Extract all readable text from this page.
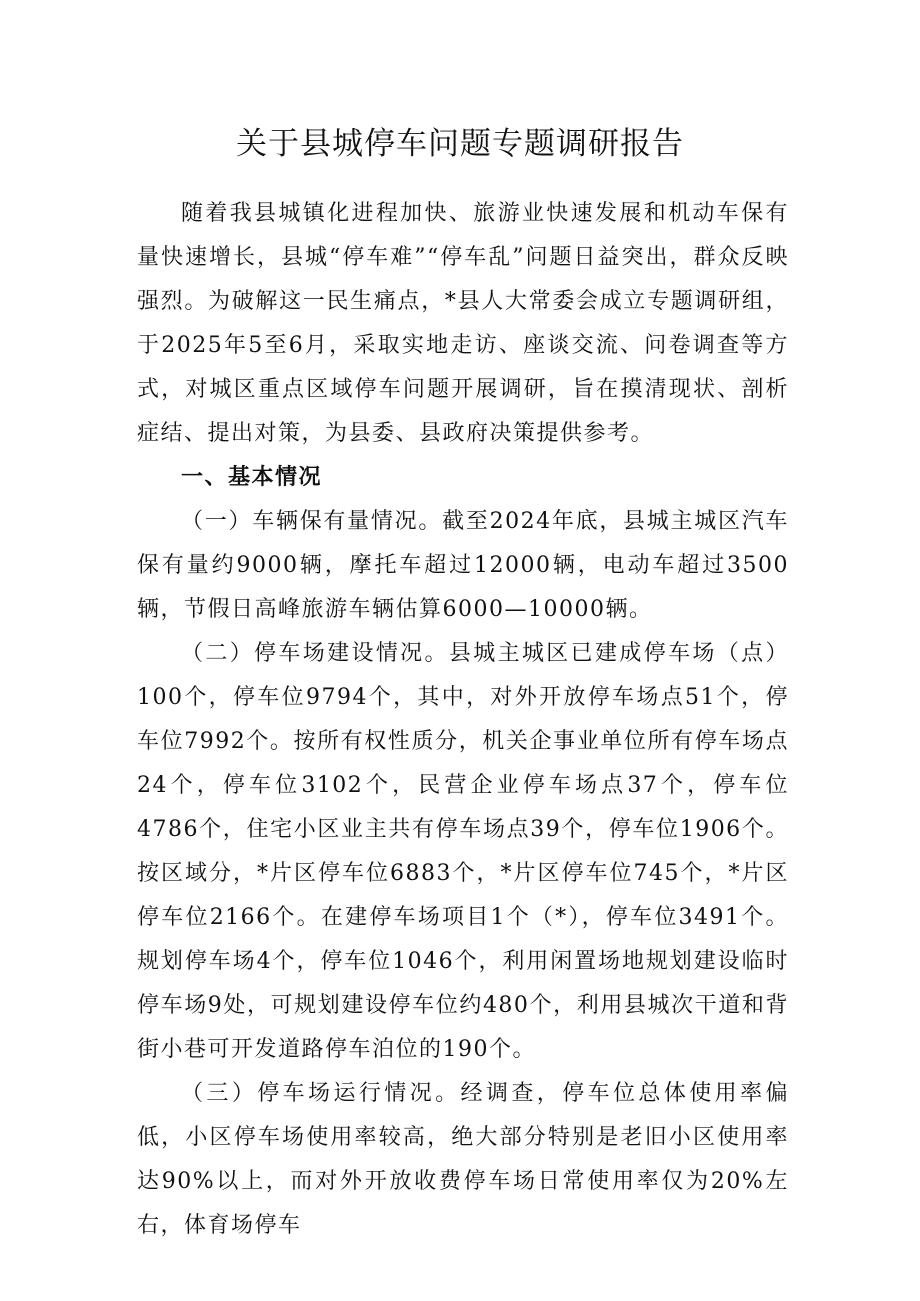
关于县城停车问题专题调研报告

随着我县城镇化进程加快、旅游业快速发展和机动车保有量快速增长，县城“停车难”“停车乱”问题日益突出，群众反映强烈。为破解这一民生痛点，*县人大常委会成立专题调研组，于2025年5至6月，采取实地走访、座谈交流、问卷调查等方式，对城区重点区域停车问题开展调研，旨在摸清现状、剖析症结、提出对策，为县委、县政府决策提供参考。

一、基本情况

（一）车辆保有量情况。截至2024年底，县城主城区汽车保有量约9000辆，摩托车超过12000辆，电动车超过3500辆，节假日高峰旅游车辆估算6000—10000辆。

（二）停车场建设情况。县城主城区已建成停车场（点）100个，停车位9794个，其中，对外开放停车场点51个，停车位7992个。按所有权性质分，机关企事业单位所有停车场点24个，停车位3102个，民营企业停车场点37个，停车位4786个，住宅小区业主共有停车场点39个，停车位1906个。按区域分，*片区停车位6883个，*片区停车位745个，*片区停车位2166个。在建停车场项目1个（*），停车位3491个。规划停车场4个，停车位1046个，利用闲置场地规划建设临时停车场9处，可规划建设停车位约480个，利用县城次干道和背街小巷可开发道路停车泊位的190个。

（三）停车场运行情况。经调查，停车位总体使用率偏低，小区停车场使用率较高，绝大部分特别是老旧小区使用率达90%以上，而对外开放收费停车场日常使用率仅为20%左右，体育场停车
